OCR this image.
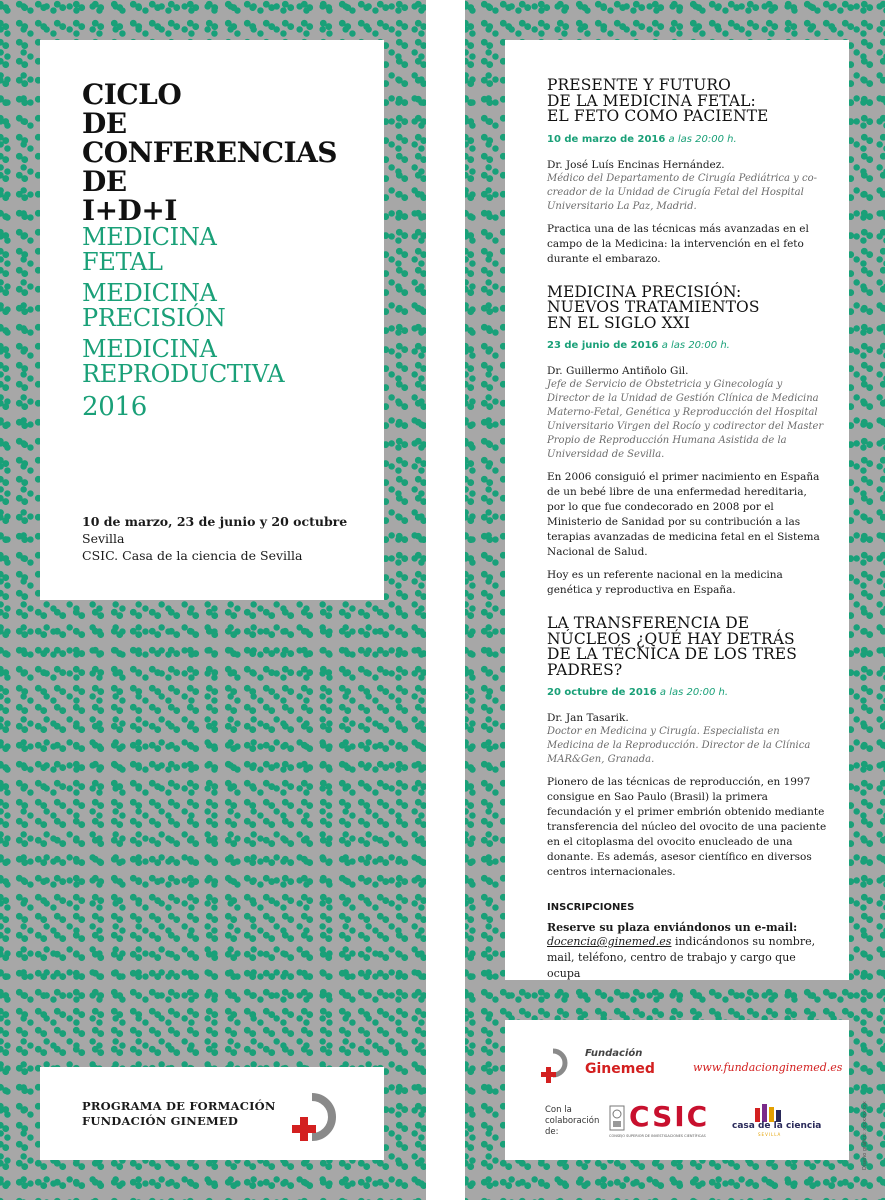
CICLO
DE
CONFERENCIAS
DE
I+D+I
MEDICINA
FETAL
MEDICINA
PRECISIÓN
MEDICINA
REPRODUCTIVA
2016
10 de marzo, 23 de junio y 20 octubre
Sevilla
CSIC. Casa de la ciencia de Sevilla
PROGRAMA DE FORMACIÓN
FUNDACIÓN GINEMED
PRESENTE Y FUTURO
DE LA MEDICINA FETAL:
EL FETO COMO PACIENTE
10 de marzo de 2016 a las 20:00 h.
Dr. José Luís Encinas Hernández.
Médico del Departamento de Cirugía Pediátrica y co-creador de la Unidad de Cirugía Fetal del Hospital Universitario La Paz, Madrid.
Practica una de las técnicas más avanzadas en el campo de la Medicina: la intervención en el feto durante el embarazo.
MEDICINA PRECISIÓN:
NUEVOS TRATAMIENTOS
EN EL SIGLO XXI
23 de junio de 2016 a las 20:00 h.
Dr. Guillermo Antiñolo Gil.
Jefe de Servicio de Obstetricia y Ginecología y Director de la Unidad de Gestión Clínica de Medicina Materno-Fetal, Genética y Reproducción del Hospital Universitario Virgen del Rocío y codirector del Master Propio de Reproducción Humana Asistida de la Universidad de Sevilla.
En 2006 consiguió el primer nacimiento en España de un bebé libre de una enfermedad hereditaria, por lo que fue condecorado en 2008 por el Ministerio de Sanidad por su contribución a las terapias avanzadas de medicina fetal en el Sistema Nacional de Salud.
Hoy es un referente nacional en la medicina genética y reproductiva en España.
LA TRANSFERENCIA DE
NÚCLEOS ¿QUÉ HAY DETRÁS
DE LA TÉCNICA DE LOS TRES
PADRES?
20 octubre de 2016 a las 20:00 h.
Dr. Jan Tasarik.
Doctor en Medicina y Cirugía. Especialista en Medicina de la Reproducción. Director de la Clínica MAR&Gen, Granada.
Pionero de las técnicas de reproducción, en 1997 consigue en Sao Paulo (Brasil) la primera fecundación y el primer embrión obtenido mediante transferencia del núcleo del ovocito de una paciente en el citoplasma del ovocito enucleado de una donante. Es además, asesor científico en diversos centros internacionales.
INSCRIPCIONES
Reserve su plaza enviándonos un e-mail:
docencia@ginemed.es indicándonos su nombre, mail, teléfono, centro de trabajo y cargo que ocupa
Fundación
Ginemed	www.fundacionginemed.es
Con la colaboración de:	CSIC
CONSEJO SUPERIOR DE INVESTIGACIONES CIENTÍFICAS
casa de la ciencia
SEVILLA	Diseño gráfico: xxxxxxxxxx
